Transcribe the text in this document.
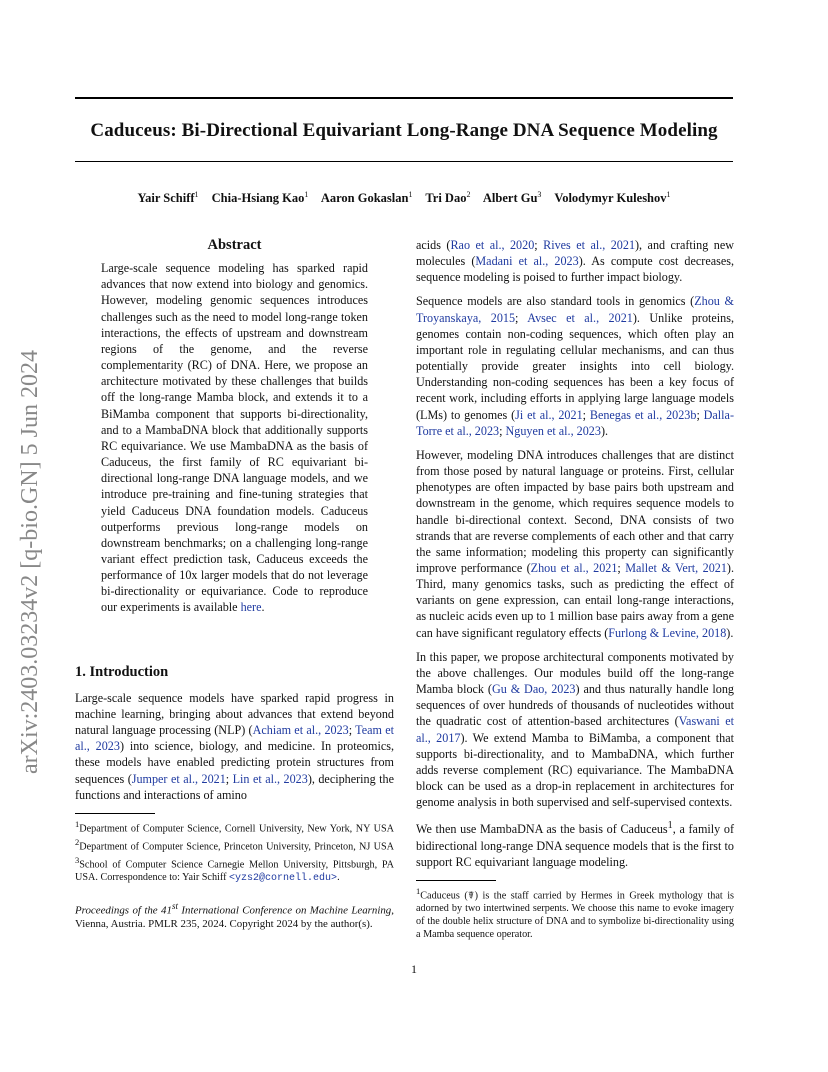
Caduceus: Bi-Directional Equivariant Long-Range DNA Sequence Modeling
Yair Schiff$^1$ Chia-Hsiang Kao$^1$ Aaron Gokaslan$^1$ Tri Dao$^2$ Albert Gu$^3$ Volodymyr Kuleshov$^1$
arXiv:2403.03234v2 [q-bio.GN] 5 Jun 2024
Abstract

Large-scale sequence modeling has sparked rapid advances that now extend into biology and genomics. However, modeling genomic sequences introduces challenges such as the need to model long-range token interactions, the effects of upstream and downstream regions of the genome, and the reverse complementarity (RC) of DNA. Here, we propose an architecture motivated by these challenges that builds off the long-range Mamba block, and extends it to a BiMamba component that supports bi-directionality, and to a MambaDNA block that additionally supports RC equivariance. We use MambaDNA as the basis of Caduceus, the first family of RC equivariant bi-directional long-range DNA language models, and we introduce pre-training and fine-tuning strategies that yield Caduceus DNA foundation models. Caduceus outperforms previous long-range models on downstream benchmarks; on a challenging long-range variant effect prediction task, Caduceus exceeds the performance of 10x larger models that do not leverage bi-directionality or equivariance. Code to reproduce our experiments is available here.

1. Introduction

Large-scale sequence models have sparked rapid progress in machine learning, bringing about advances that extend beyond natural language processing (NLP) (Achiam et al., 2023; Team et al., 2023) into science, biology, and medicine. In proteomics, these models have enabled predicting protein structures from sequences (Jumper et al., 2021; Lin et al., 2023), deciphering the functions and interactions of amino

$^1$Department of Computer Science, Cornell University, New York, NY USA $^2$Department of Computer Science, Princeton University, Princeton, NJ USA $^3$School of Computer Science Carnegie Mellon University, Pittsburgh, PA USA. Correspondence to: Yair Schiff <yzs2@cornell.edu>.

Proceedings of the 41st International Conference on Machine Learning, Vienna, Austria. PMLR 235, 2024. Copyright 2024 by the author(s).

acids (Rao et al., 2020; Rives et al., 2021), and crafting new molecules (Madani et al., 2023). As compute cost decreases, sequence modeling is poised to further impact biology.

Sequence models are also standard tools in genomics (Zhou & Troyanskaya, 2015; Avsec et al., 2021). Unlike proteins, genomes contain non-coding sequences, which often play an important role in regulating cellular mechanisms, and can thus potentially provide greater insights into cell biology. Understanding non-coding sequences has been a key focus of recent work, including efforts in applying large language models (LMs) to genomes (Ji et al., 2021; Benegas et al., 2023b; Dalla-Torre et al., 2023; Nguyen et al., 2023).

However, modeling DNA introduces challenges that are distinct from those posed by natural language or proteins. First, cellular phenotypes are often impacted by base pairs both upstream and downstream in the genome, which requires sequence models to handle bi-directional context. Second, DNA consists of two strands that are reverse complements of each other and that carry the same information; modeling this property can significantly improve performance (Zhou et al., 2021; Mallet & Vert, 2021). Third, many genomics tasks, such as predicting the effect of variants on gene expression, can entail long-range interactions, as nucleic acids even up to 1 million base pairs away from a gene can have significant regulatory effects (Furlong & Levine, 2018).

In this paper, we propose architectural components motivated by the above challenges. Our modules build off the long-range Mamba block (Gu & Dao, 2023) and thus naturally handle long sequences of over hundreds of thousands of nucleotides without the quadratic cost of attention-based architectures (Vaswani et al., 2017). We extend Mamba to BiMamba, a component that supports bi-directionality, and to MambaDNA, which further adds reverse complement (RC) equivariance. The MambaDNA block can be used as a drop-in replacement in architectures for genome analysis in both supervised and self-supervised contexts.

We then use MambaDNA as the basis of Caduceus$^1$, a family of bidirectional long-range DNA sequence models that is the first to support RC equivariant language modeling.

$^1$Caduceus (☤) is the staff carried by Hermes in Greek mythology that is adorned by two intertwined serpents. We choose this name to evoke imagery of the double helix structure of DNA and to symbolize bi-directionality using a Mamba sequence operator.

1
